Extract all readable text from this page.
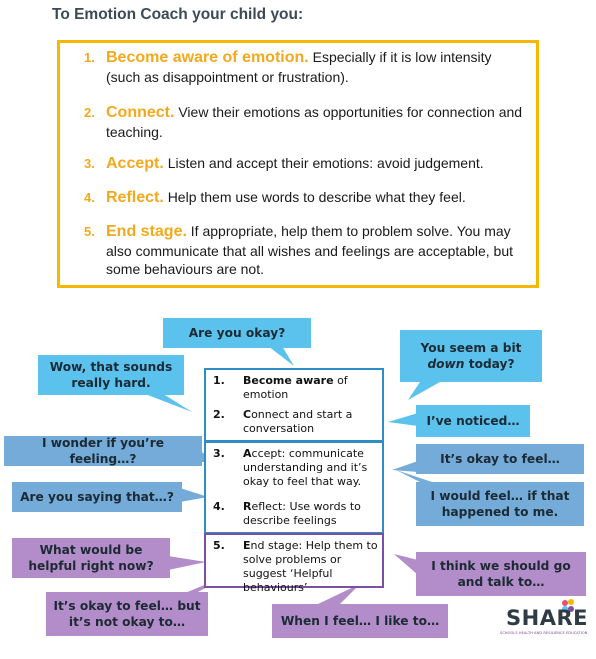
To Emotion Coach your child you:
1. Become aware of emotion. Especially if it is low intensity (such as disappointment or frustration).
2. Connect. View their emotions as opportunities for connection and teaching.
3. Accept. Listen and accept their emotions: avoid judgement.
4. Reflect. Help them use words to describe what they feel.
5. End stage. If appropriate, help them to problem solve. You may also communicate that all wishes and feelings are acceptable, but some behaviours are not.
1.	Become aware of emotion
2.	Connect and start a conversation
3.	Accept: communicate understanding and it’s okay to feel that way.
4.	Reflect: Use words to describe feelings
5.	End stage: Help them to solve problems or suggest ‘Helpful behaviours’
Are you okay?
Wow, that sounds really hard.
You seem a bit down today?
I’ve noticed…
I wonder if you’re feeling…?
Are you saying that…?
It’s okay to feel…
I would feel… if that happened to me.
What would be helpful right now?	I think we should go and talk to…
It’s okay to feel… but it’s not okay to…	When I feel… I like to…	SHARE
SCHOOLS HEALTH AND RESILIENCE EDUCATION
